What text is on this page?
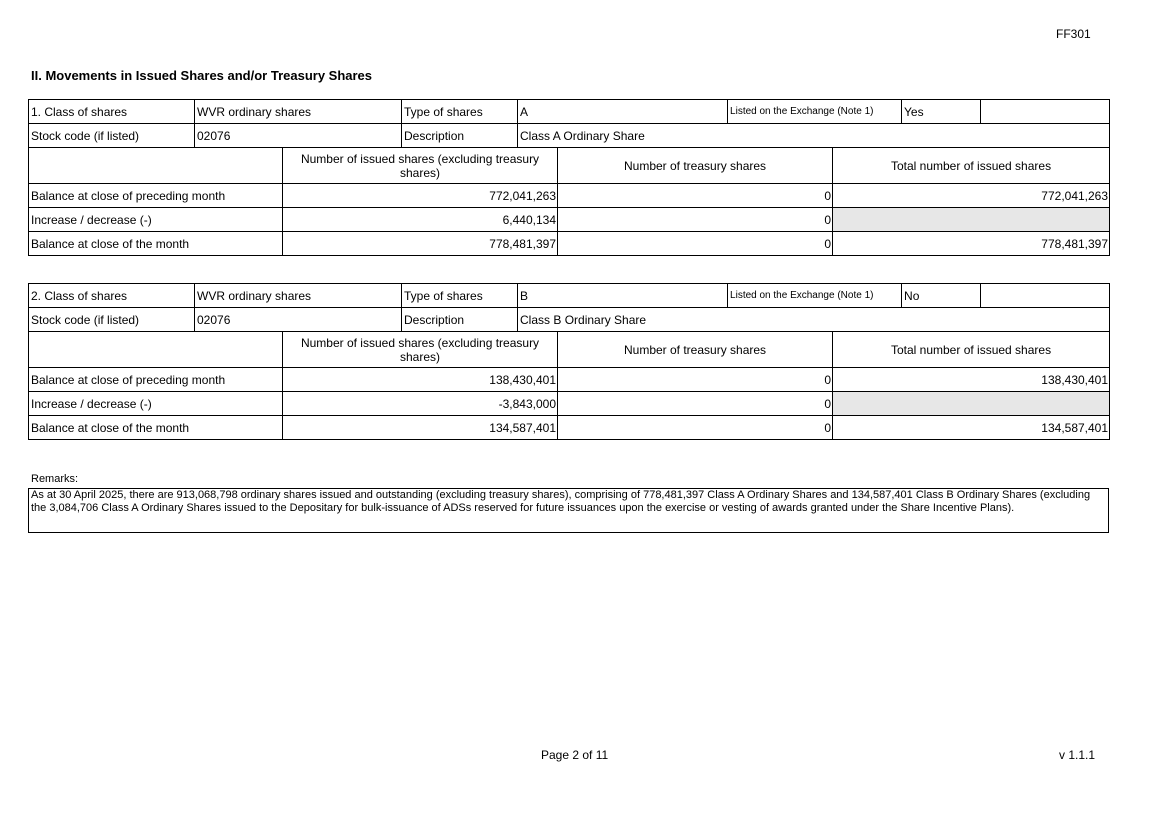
FF301
II. Movements in Issued Shares and/or Treasury Shares
1. Class of shares	WVR ordinary shares		Type of shares	A		Listed on the Exchange (Note 1)		Yes	
Stock code (if listed)	02076		Description	Class A Ordinary Share					
		Number of issued shares (excluding treasury shares)			Number of treasury shares		Total number of issued shares		
Balance at close of preceding month		772,041,263			0		772,041,263		
Increase / decrease (-)		6,440,134			0				
Balance at close of the month		778,481,397			0		778,481,397		
2. Class of shares	WVR ordinary shares		Type of shares	B		Listed on the Exchange (Note 1)		No	
Stock code (if listed)	02076		Description	Class B Ordinary Share					
		Number of issued shares (excluding treasury shares)			Number of treasury shares		Total number of issued shares		
Balance at close of preceding month		138,430,401			0		138,430,401		
Increase / decrease (-)		-3,843,000			0				
Balance at close of the month		134,587,401			0		134,587,401		
Remarks:
As at 30 April 2025, there are 913,068,798 ordinary shares issued and outstanding (excluding treasury shares), comprising of 778,481,397 Class A Ordinary Shares and 134,587,401 Class B Ordinary Shares (excluding the 3,084,706 Class A Ordinary Shares issued to the Depositary for bulk-issuance of ADSs reserved for future issuances upon the exercise or vesting of awards granted under the Share Incentive Plans).
Page 2 of 11	v 1.1.1
